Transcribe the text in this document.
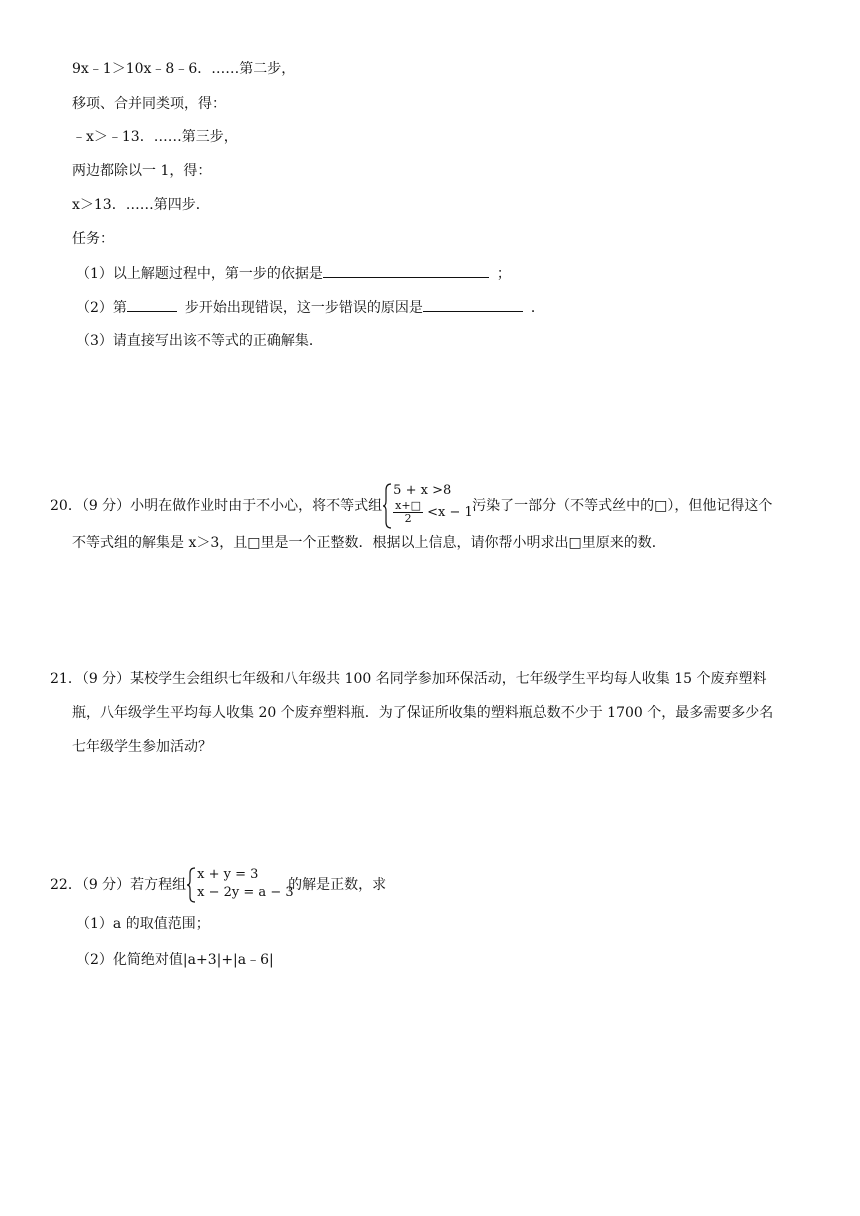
9x﹣1＞10x﹣8﹣6．……第二步，
移项、合并同类项，得：
﹣x＞﹣13．……第三步，
两边都除以一 1，得：
x＞13．……第四步．
任务：
（1）以上解题过程中，第一步的依据是	；
（2）第	步开始出现错误，这一步错误的原因是	．
（3）请直接写出该不等式的正确解集．
20．（9 分）小明在做作业时由于不小心，将不等式组
5 + x >8
$\frac{x+□}{2} <x - 1$ 污染了一部分（不等式丝中的□），但他记得这个
不等式组的解集是 x＞3，且□里是一个正整数．根据以上信息，请你帮小明求出□里原来的数．
21．（9 分）某校学生会组织七年级和八年级共 100 名同学参加环保活动，七年级学生平均每人收集 15 个废弃塑料
瓶，八年级学生平均每人收集 20 个废弃塑料瓶．为了保证所收集的塑料瓶总数不少于 1700 个，最多需要多少名
七年级学生参加活动？
22．（9 分）若方程组
x + y = 3
x − 2y = a − 3
的解是正数，求
（1）a 的取值范围；
（2）化简绝对值|a+3|+|a﹣6|
